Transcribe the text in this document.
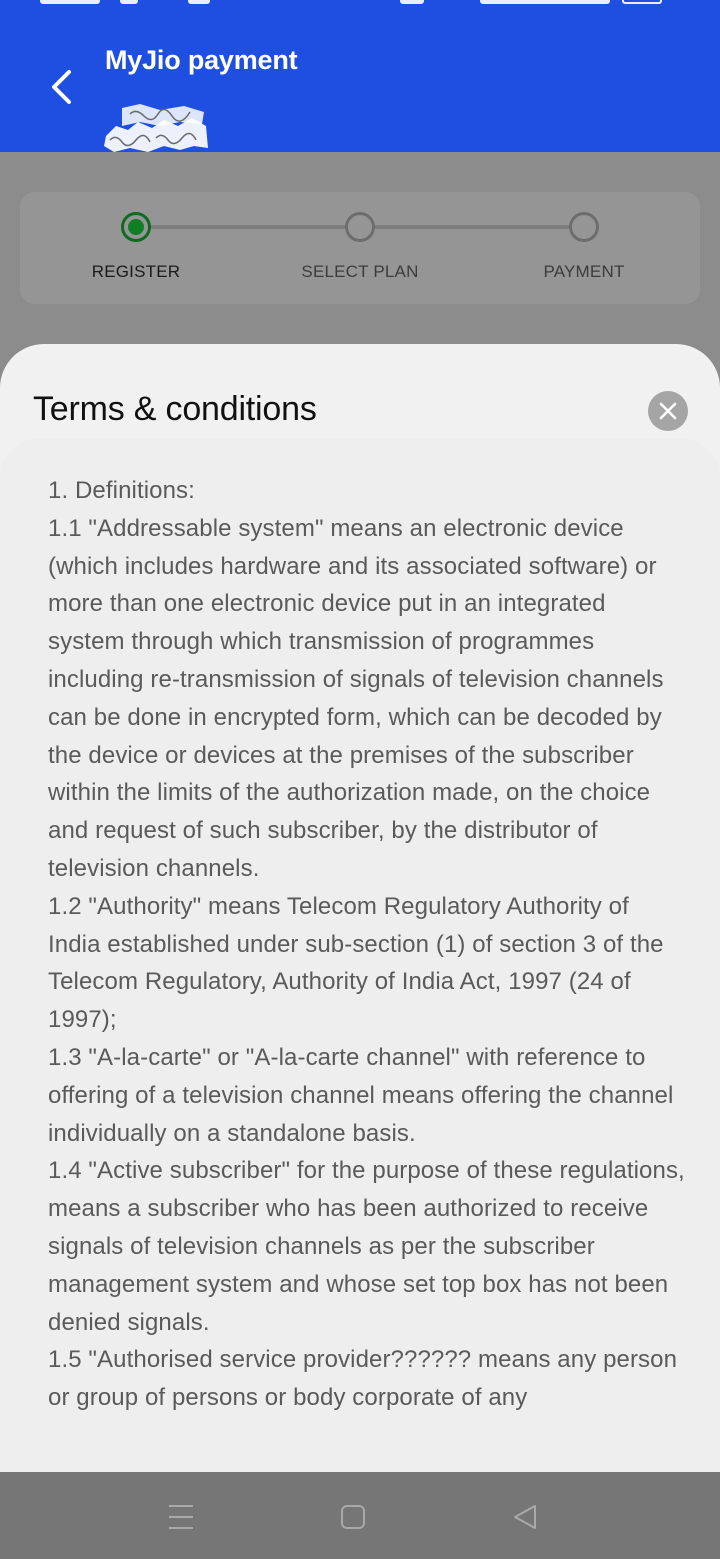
MyJio payment
REGISTER	SELECT PLAN	PAYMENT
Terms & conditions
1. Definitions:
1.1 "Addressable system" means an electronic device (which includes hardware and its associated software) or more than one electronic device put in an integrated system through which transmission of programmes including re-transmission of signals of television channels can be done in encrypted form, which can be decoded by the device or devices at the premises of the subscriber within the limits of the authorization made, on the choice and request of such subscriber, by the distributor of television channels.
1.2 "Authority" means Telecom Regulatory Authority of India established under sub-section (1) of section 3 of the Telecom Regulatory, Authority of India Act, 1997 (24 of 1997);
1.3 "A-la-carte" or "A-la-carte channel" with reference to offering of a television channel means offering the channel individually on a standalone basis.
1.4 "Active subscriber" for the purpose of these regulations, means a subscriber who has been authorized to receive signals of television channels as per the subscriber management system and whose set top box has not been denied signals.
1.5 "Authorised service provider?????? means any person or group of persons or body corporate of any
